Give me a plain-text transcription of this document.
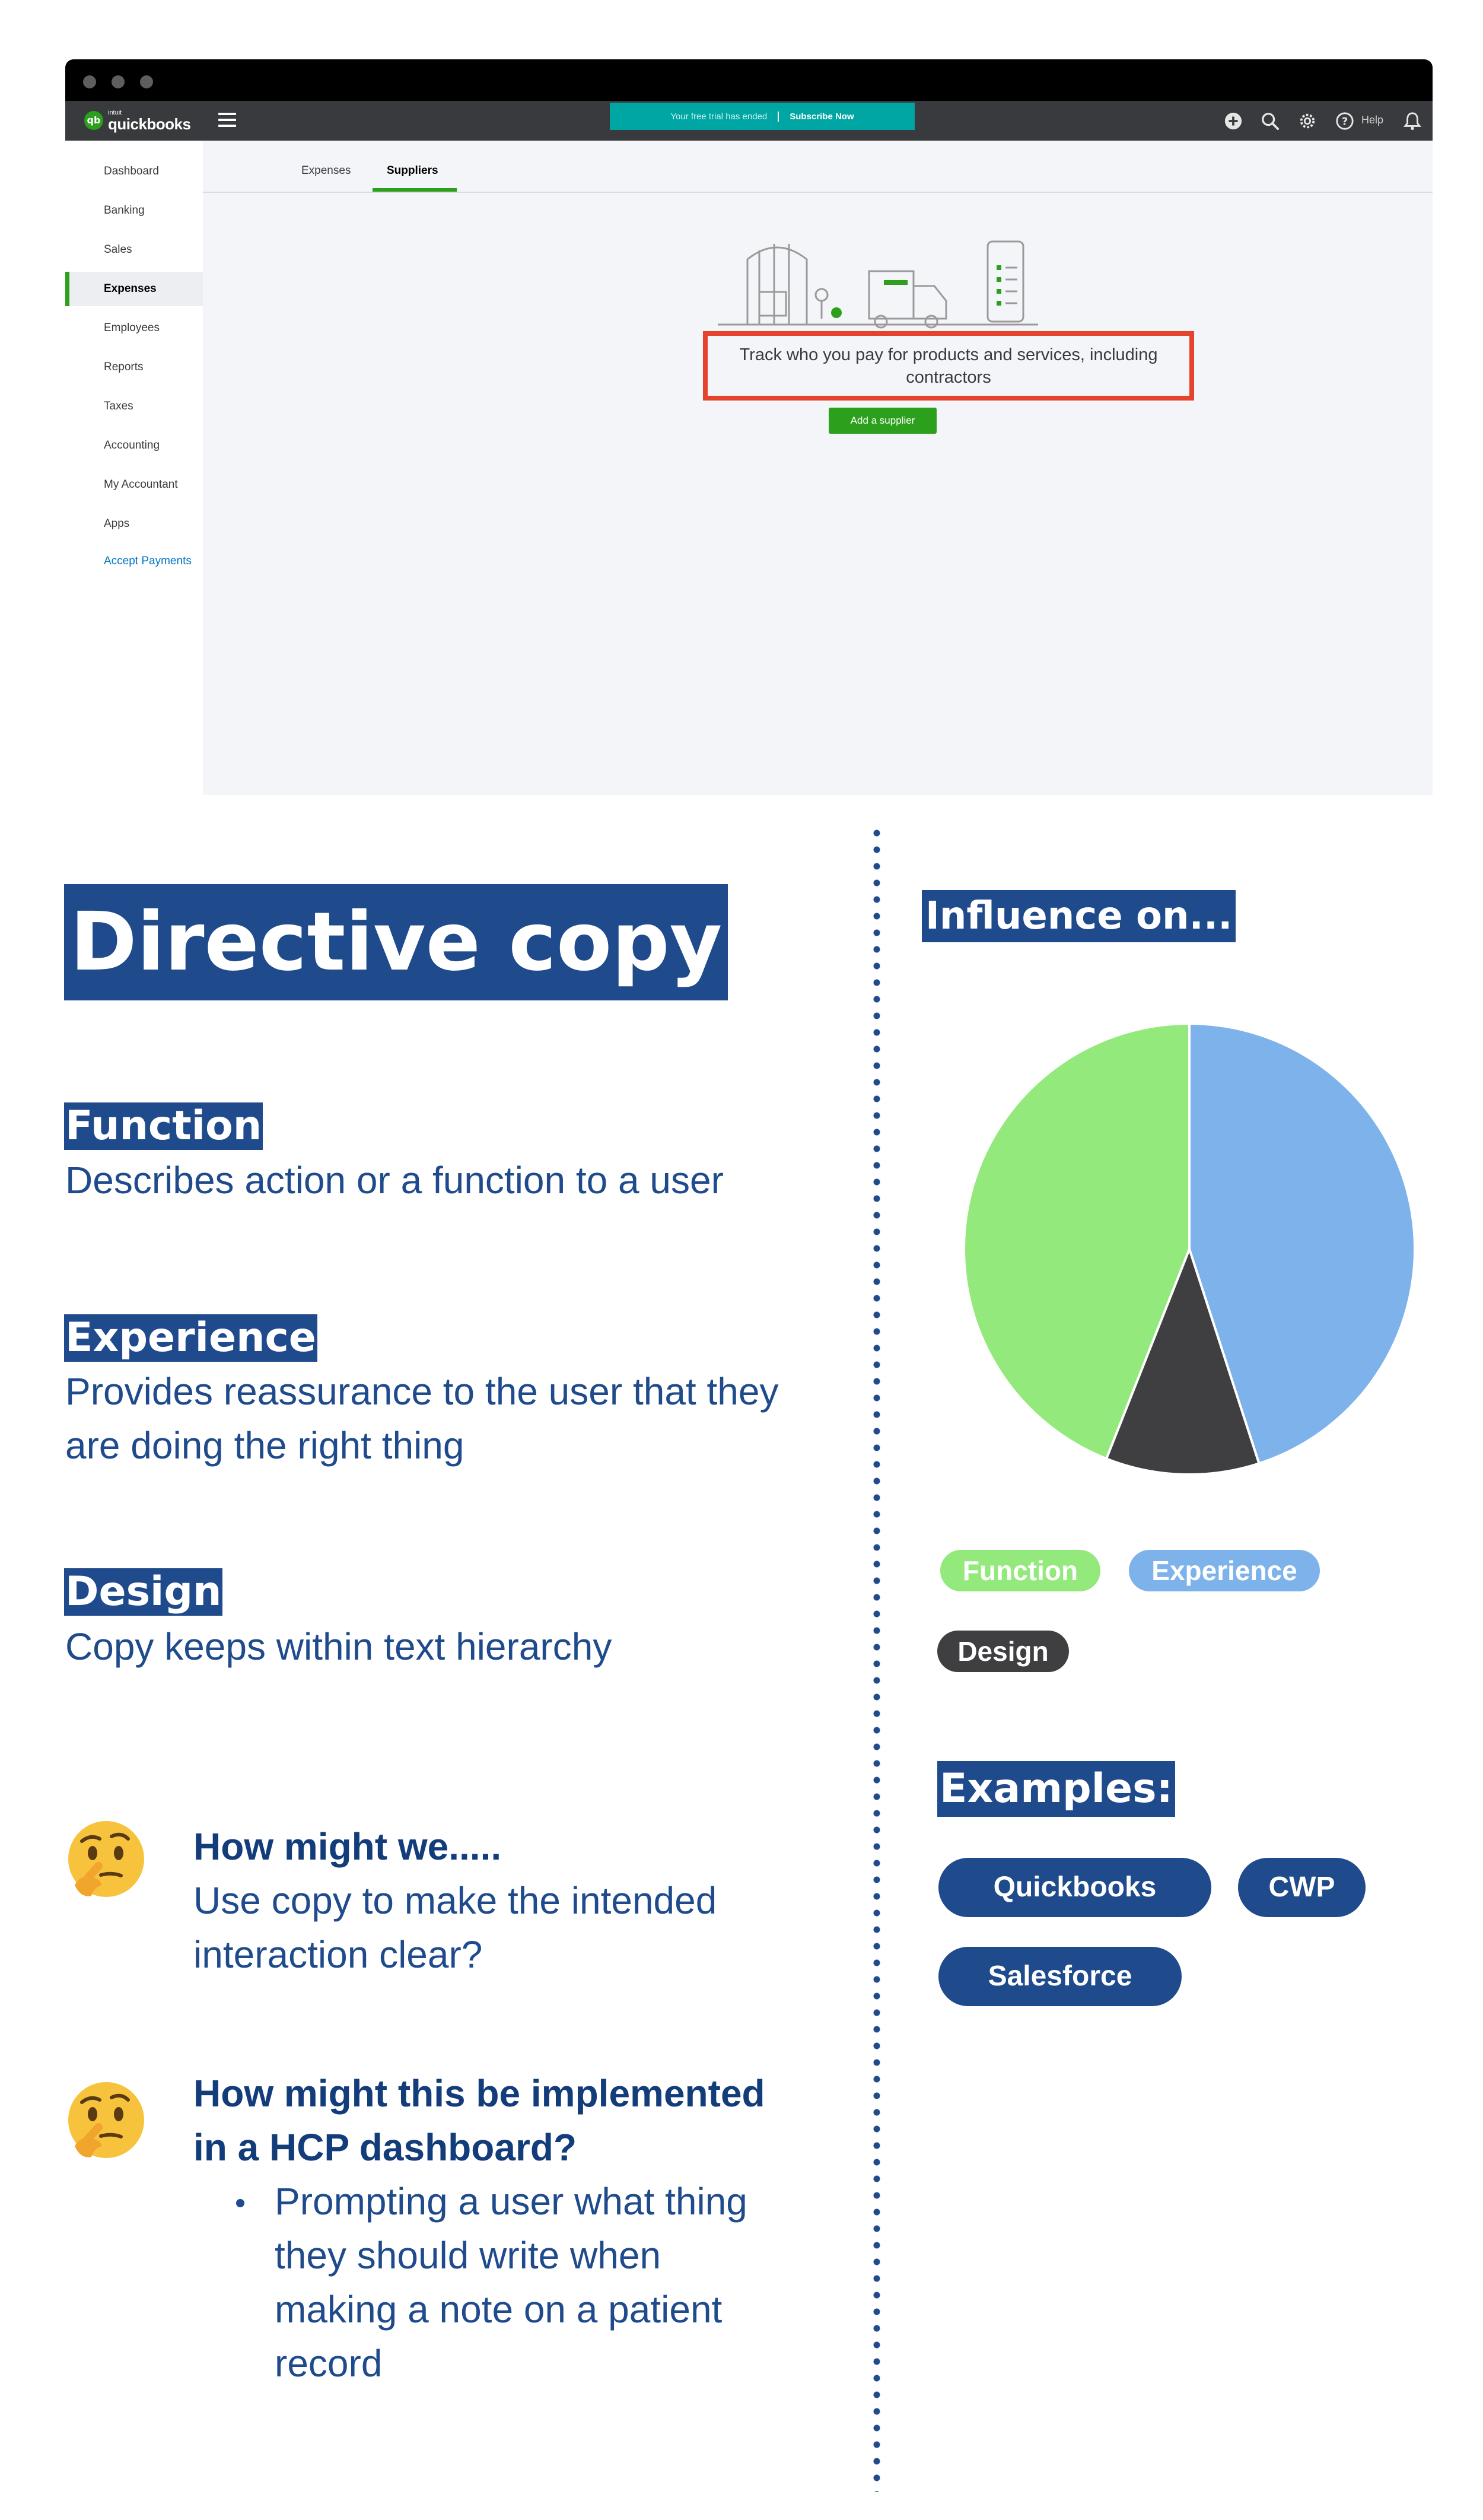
qb
intuit
quickbooks	Your free trial has ended	Subscribe Now	? Help
Dashboard
Banking
Sales
Expenses
Employees
Reports
Taxes
Accounting
My Accountant
Apps
Accept Payments
Expenses	Suppliers
Track who you pay for products and services, including contractors
Add a supplier
Directive copy
Function
Describes action or a function to a user
Experience
Provides reassurance to the user that they
are doing the right thing
Design
Copy keeps within text hierarchy
How might we.....
Use copy to make the intended
interaction clear?
How might this be implemented
in a HCP dashboard?
Prompting a user what thing
they should write when
making a note on a patient
record
Influence on...
Function	Experience
Design
Examples:
Quickbooks	CWP
Salesforce
